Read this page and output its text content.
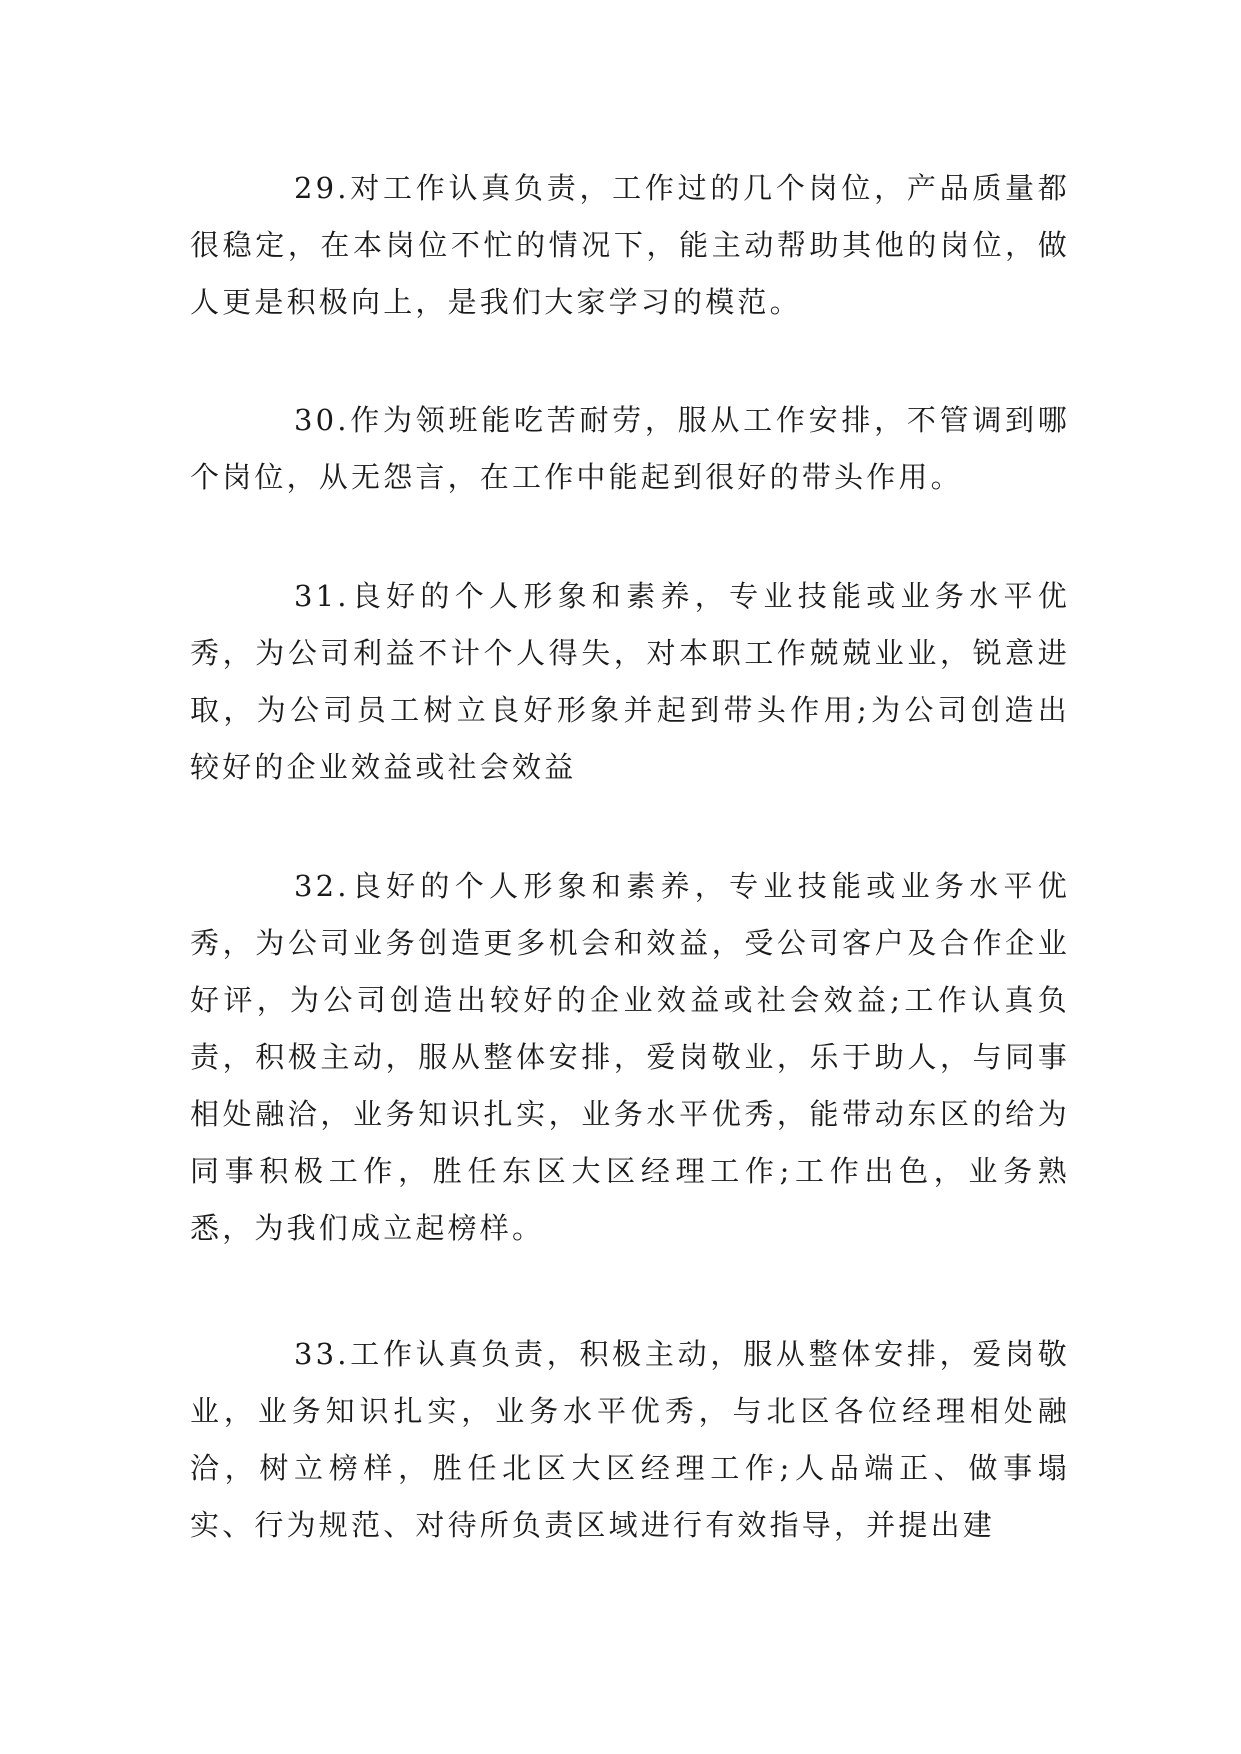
29.对工作认真负责，工作过的几个岗位，产品质量都很稳定，在本岗位不忙的情况下，能主动帮助其他的岗位，做人更是积极向上，是我们大家学习的模范。

30.作为领班能吃苦耐劳，服从工作安排，不管调到哪个岗位，从无怨言，在工作中能起到很好的带头作用。

31.良好的个人形象和素养，专业技能或业务水平优秀，为公司利益不计个人得失，对本职工作兢兢业业，锐意进取，为公司员工树立良好形象并起到带头作用;为公司创造出较好的企业效益或社会效益

32.良好的个人形象和素养，专业技能或业务水平优秀，为公司业务创造更多机会和效益，受公司客户及合作企业好评，为公司创造出较好的企业效益或社会效益;工作认真负责，积极主动，服从整体安排，爱岗敬业，乐于助人，与同事相处融洽，业务知识扎实，业务水平优秀，能带动东区的给为同事积极工作，胜任东区大区经理工作;工作出色，业务熟悉，为我们成立起榜样。

33.工作认真负责，积极主动，服从整体安排，爱岗敬业，业务知识扎实，业务水平优秀，与北区各位经理相处融洽，树立榜样，胜任北区大区经理工作;人品端正、做事塌实、行为规范、对待所负责区域进行有效指导，并提出建
